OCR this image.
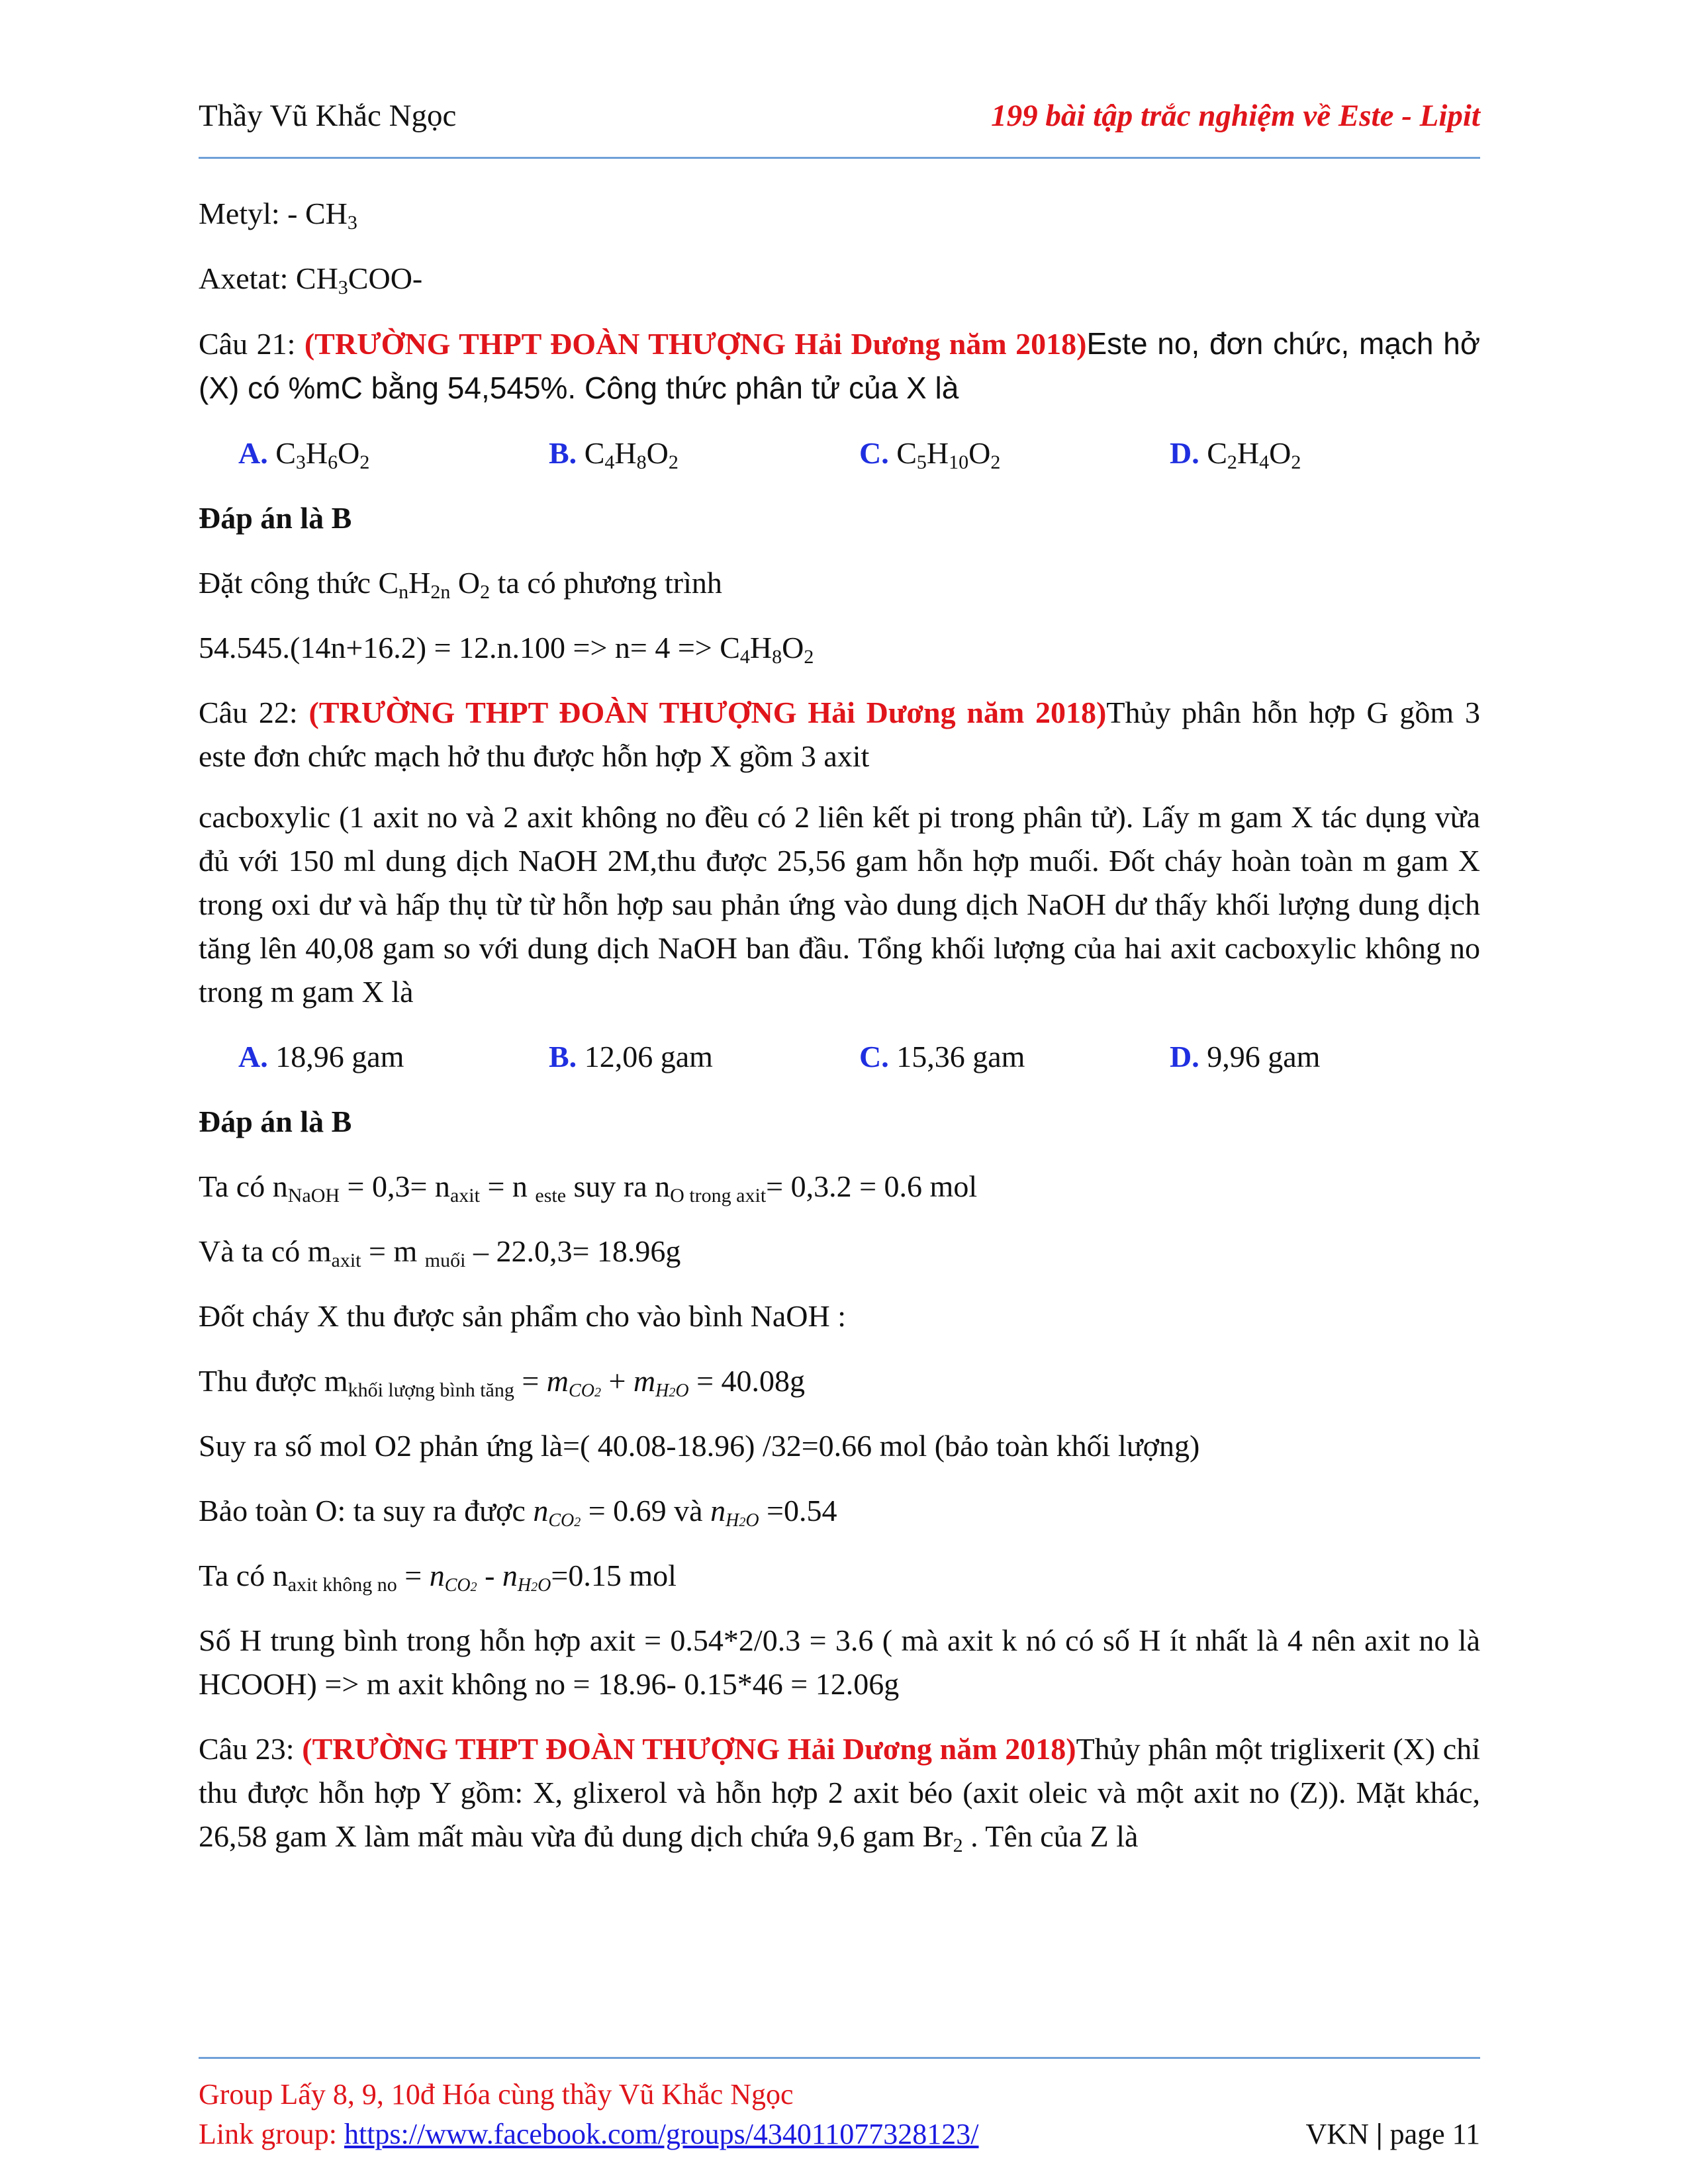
Thầy Vũ Khắc Ngọc	199 bài tập trắc nghiệm về Este - Lipit

Metyl: - $CH_3$

Axetat: $CH_3COO-$

Câu 21: (TRƯỜNG THPT ĐOÀN THƯỢNG Hải Dương năm 2018)Este no, đơn chức, mạch hở (X) có %mC bằng 54,545%. Công thức phân tử của X là

A. $C_3H_6O_2$	B. $C_4H_8O_2$	C. $C_5H_{10}O_2$	D. $C_2H_4O_2$

Đáp án là B

Đặt công thức $C_nH_{2n}$ $O_2$ ta có phương trình

$54.545.(14n+16.2) = 12.n.100 => n= 4 => C_4H_8O_2$

Câu 22: (TRƯỜNG THPT ĐOÀN THƯỢNG Hải Dương năm 2018)Thủy phân hỗn hợp G gồm 3 este đơn chức mạch hở thu được hỗn hợp X gồm 3 axit

cacboxylic (1 axit no và 2 axit không no đều có 2 liên kết pi trong phân tử). Lấy m gam X tác dụng vừa đủ với 150 ml dung dịch NaOH 2M,thu được 25,56 gam hỗn hợp muối. Đốt cháy hoàn toàn m gam X trong oxi dư và hấp thụ từ từ hỗn hợp sau phản ứng vào dung dịch NaOH dư thấy khối lượng dung dịch tăng lên 40,08 gam so với dung dịch NaOH ban đầu. Tổng khối lượng của hai axit cacboxylic không no trong m gam X là

A. 18,96 gam	B. 12,06 gam	C. 15,36 gam	D. 9,96 gam

Đáp án là B

Ta có $n_{NaOH} = 0,3= n_{axit} = n$ $_{este}$ suy ra $n_{O trong axit}= 0,3.2 = 0.6$ mol

Và ta có $m_{axit} = m$ $_{muối}$ – 22.0,3= 18.96g

Đốt cháy X thu được sản phẩm cho vào bình NaOH :

Thu được $m_{khối lượng bình tăng} = mCO2 + mH2O = 40.08g$

Suy ra số mol O2 phản ứng là=( 40.08-18.96) /32=0.66 mol (bảo toàn khối lượng)

Bảo toàn O: ta suy ra được nCO2 = 0.69 và nH2O =0.54

Ta có $n_{axit không no} = nCO2 - nH2O=0.15$ mol

Số H trung bình trong hỗn hợp axit = 0.54*2/0.3 = 3.6 ( mà axit k nó có số H ít nhất là 4 nên axit no là HCOOH) => m axit không no = 18.96- 0.15*46 = 12.06g

Câu 23: (TRƯỜNG THPT ĐOÀN THƯỢNG Hải Dương năm 2018)Thủy phân một triglixerit (X) chỉ thu được hỗn hợp Y gồm: X, glixerol và hỗn hợp 2 axit béo (axit oleic và một axit no (Z)). Mặt khác, 26,58 gam X làm mất màu vừa đủ dung dịch chứa 9,6 gam $Br_2$ . Tên của Z là

Group Lấy 8, 9, 10đ Hóa cùng thầy Vũ Khắc Ngọc
Link group: https://www.facebook.com/groups/434011077328123/	VKN | page 11
